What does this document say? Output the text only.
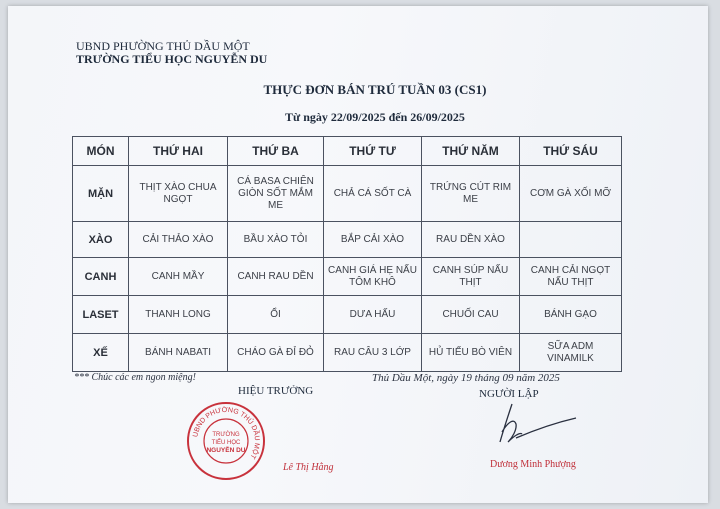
UBND PHƯỜNG THỦ DẦU MỘT
TRƯỜNG TIỂU HỌC NGUYỄN DU
THỰC ĐƠN BÁN TRÚ TUẦN 03 (CS1)
Từ ngày 22/09/2025 đến 26/09/2025
MÓN	THỨ HAI	THỨ BA	THỨ TƯ	THỨ NĂM	THỨ SÁU
MẶN	THỊT XÀO CHUA NGỌT	CÁ BASA CHIÊN GIÒN SỐT MẮM ME	CHẢ CÁ SỐT CÀ	TRỨNG CÚT RIM ME	CƠM GÀ XỐI MỠ
XÀO	CẢI THẢO XÀO	BẦU XÀO TỎI	BẮP CẢI XÀO	RAU DỀN XÀO	
CANH	CANH MẦY	CANH RAU DỀN	CANH GIÁ HẸ NẤU TÔM KHÔ	CANH SÚP NẤU THỊT	CANH CẢI NGỌT NẤU THỊT
LASET	THANH LONG	ỔI	DƯA HẤU	CHUỐI CAU	BÁNH GẠO
XẾ	BÁNH NABATI	CHÁO GÀ ĐỈ ĐỎ	RAU CÂU 3 LỚP	HỦ TIẾU BÒ VIÊN	SỮA ADM VINAMILK
*** Chúc các em ngon miệng!	Thủ Dầu Một, ngày 19 tháng 09 năm 2025
HIỆU TRƯỞNG	NGƯỜI LẬP
UBND PHƯỜNG THỦ DẦU MỘT
TRƯỜNG
TIỂU HỌC
NGUYỄN DU
Lê Thị Hằng	Dương Minh Phượng
